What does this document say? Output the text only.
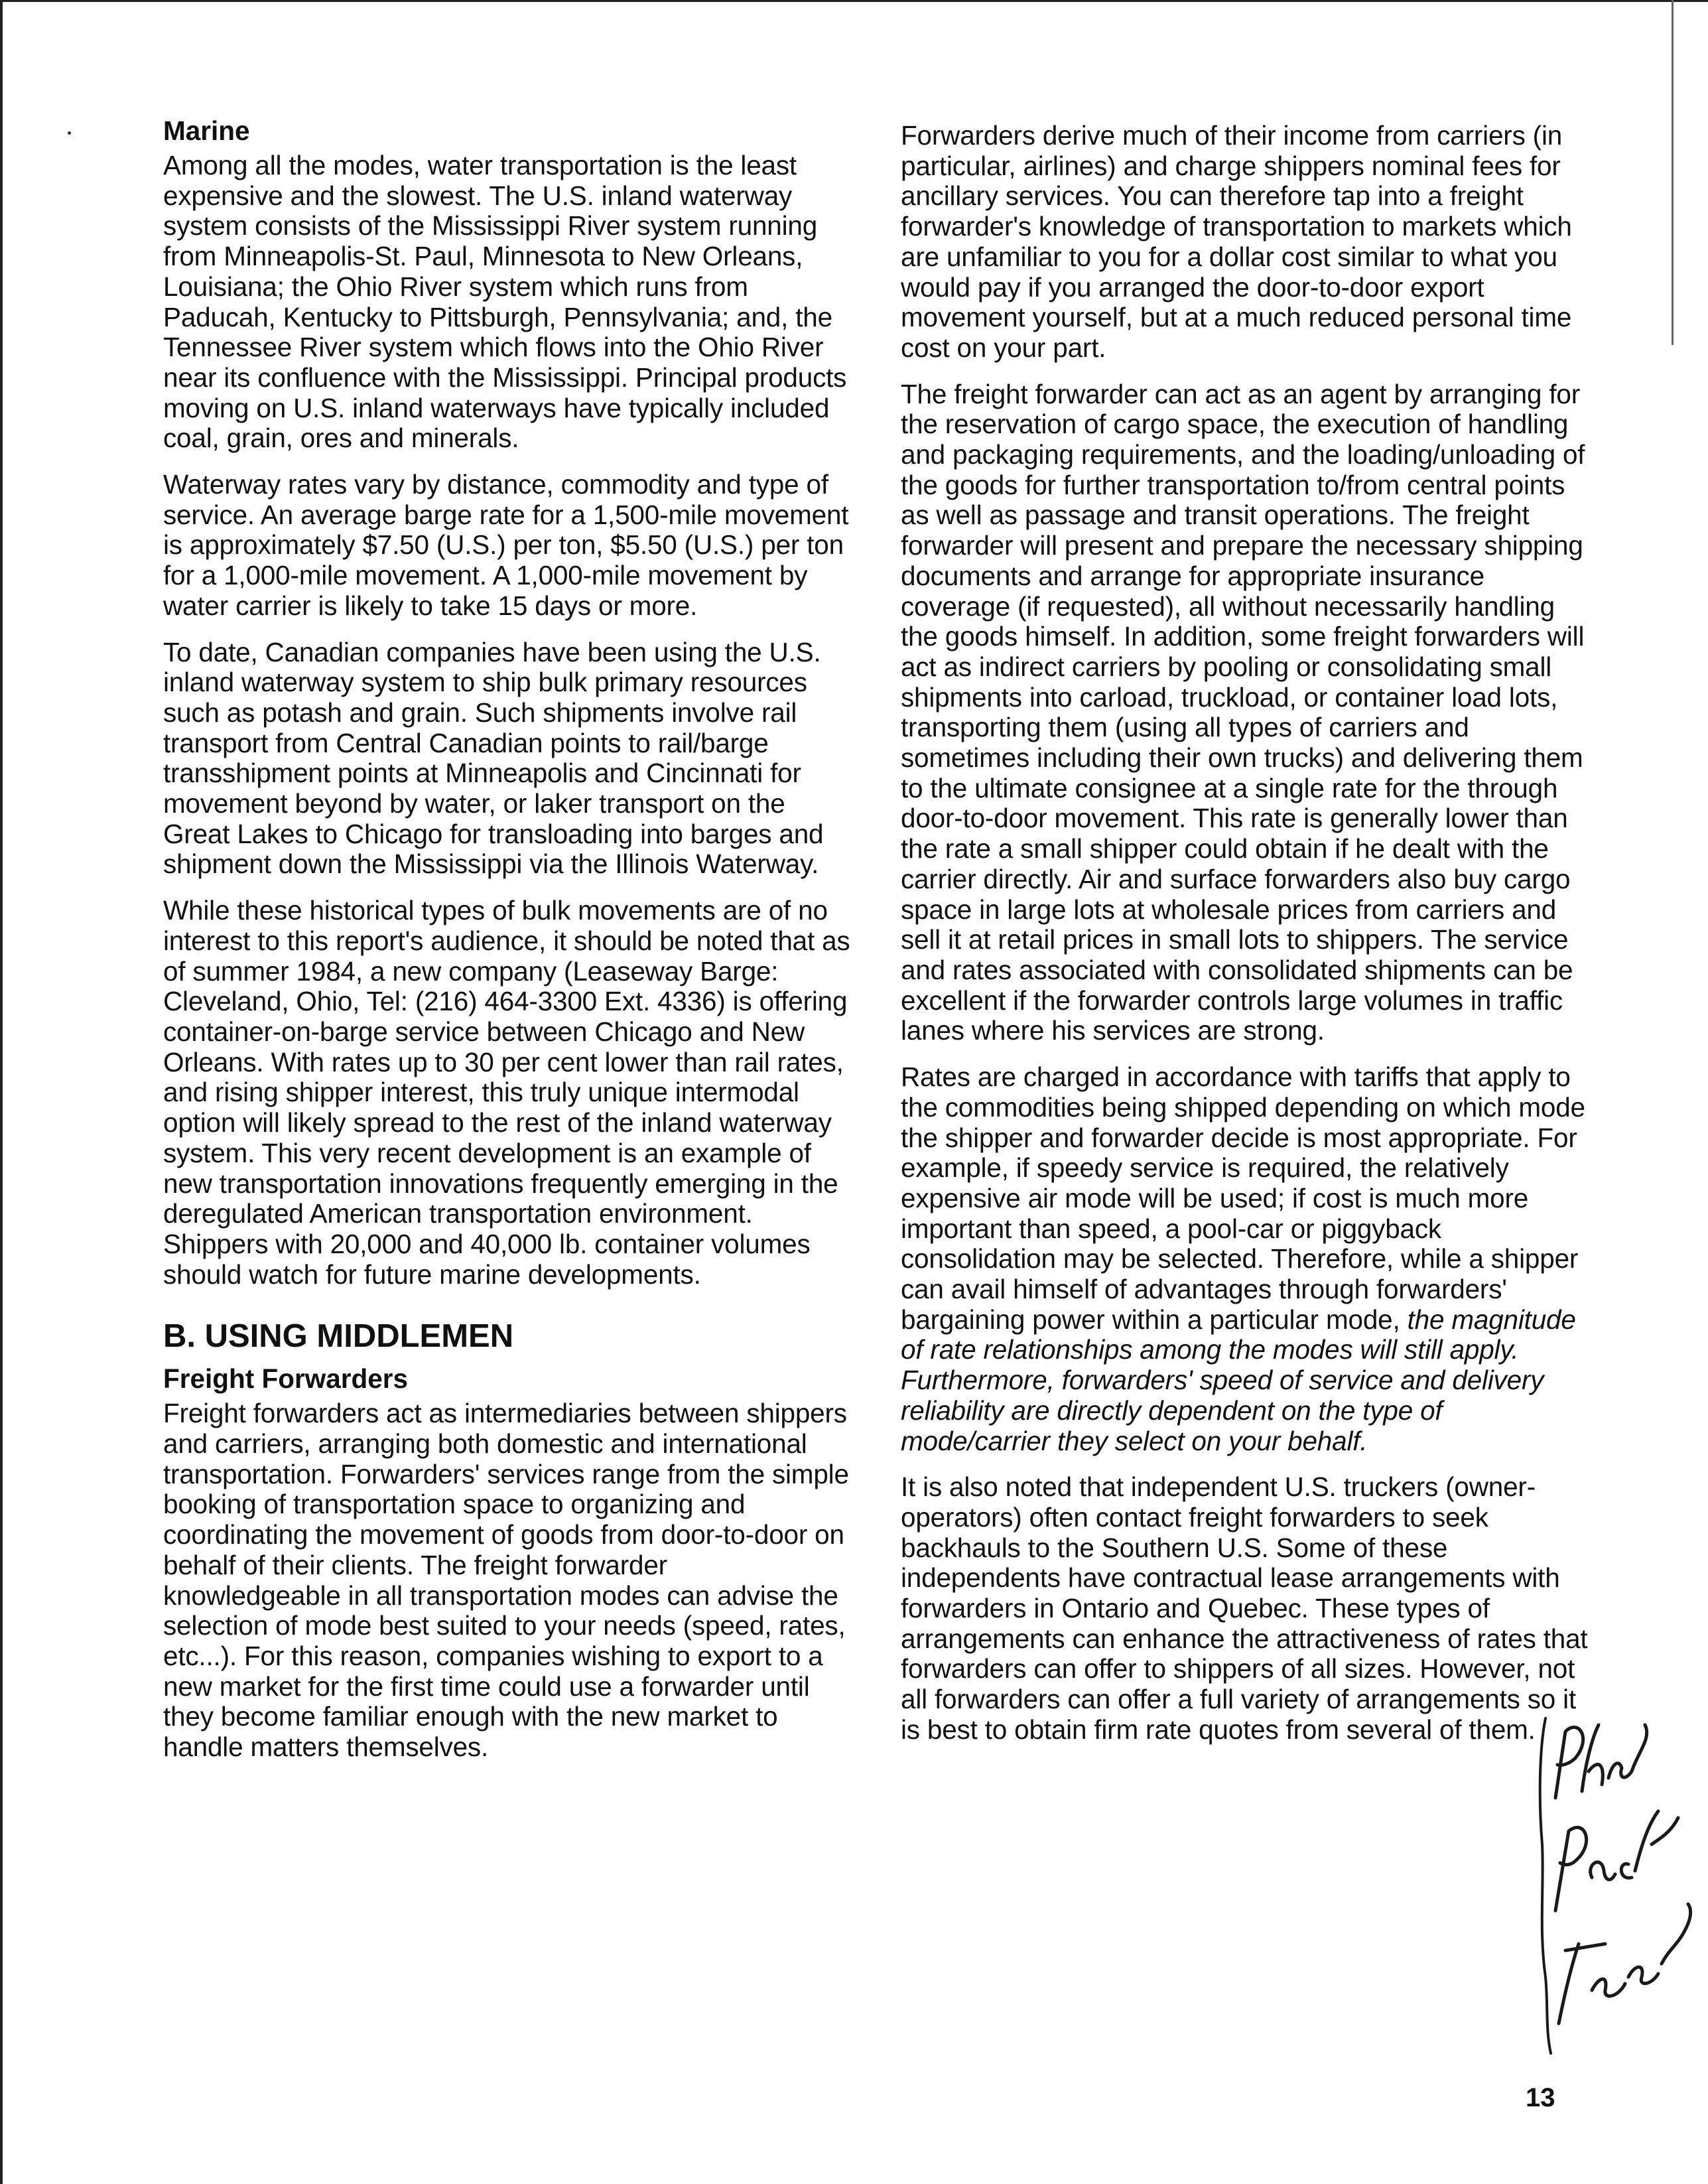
Marine

Among all the modes, water transportation is the least expensive and the slowest. The U.S. inland waterway system consists of the Mississippi River system running from Minneapolis-St. Paul, Minnesota to New Orleans, Louisiana; the Ohio River system which runs from Paducah, Kentucky to Pittsburgh, Pennsylvania; and, the Tennessee River system which flows into the Ohio River near its confluence with the Mississippi. Principal products moving on U.S. inland waterways have typically included coal, grain, ores and minerals.

Waterway rates vary by distance, commodity and type of service. An average barge rate for a 1,500-mile movement is approximately $7.50 (U.S.) per ton, $5.50 (U.S.) per ton for a 1,000-mile movement. A 1,000-mile movement by water carrier is likely to take 15 days or more.

To date, Canadian companies have been using the U.S. inland waterway system to ship bulk primary resources such as potash and grain. Such shipments involve rail transport from Central Canadian points to rail/barge transshipment points at Minneapolis and Cincinnati for movement beyond by water, or laker transport on the Great Lakes to Chicago for transloading into barges and shipment down the Mississippi via the Illinois Waterway.

While these historical types of bulk movements are of no interest to this report's audience, it should be noted that as of summer 1984, a new company (Leaseway Barge: Cleveland, Ohio, Tel: (216) 464-3300 Ext. 4336) is offering container-on-barge service between Chicago and New Orleans. With rates up to 30 per cent lower than rail rates, and rising shipper interest, this truly unique intermodal option will likely spread to the rest of the inland waterway system. This very recent development is an example of new transportation innovations frequently emerging in the deregulated American transportation environment. Shippers with 20,000 and 40,000 lb. container volumes should watch for future marine developments.

B. USING MIDDLEMEN
Freight Forwarders

Freight forwarders act as intermediaries between shippers and carriers, arranging both domestic and international transportation. Forwarders' services range from the simple booking of transportation space to organizing and coordinating the movement of goods from door-to-door on behalf of their clients. The freight forwarder knowledgeable in all transportation modes can advise the selection of mode best suited to your needs (speed, rates, etc...). For this reason, companies wishing to export to a new market for the first time could use a forwarder until they become familiar enough with the new market to handle matters themselves.

Forwarders derive much of their income from carriers (in particular, airlines) and charge shippers nominal fees for ancillary services. You can therefore tap into a freight forwarder's knowledge of transportation to markets which are unfamiliar to you for a dollar cost similar to what you would pay if you arranged the door-to-door export movement yourself, but at a much reduced personal time cost on your part.

The freight forwarder can act as an agent by arranging for the reservation of cargo space, the execution of handling and packaging requirements, and the loading/unloading of the goods for further transportation to/from central points as well as passage and transit operations. The freight forwarder will present and prepare the necessary shipping documents and arrange for appropriate insurance coverage (if requested), all without necessarily handling the goods himself. In addition, some freight forwarders will act as indirect carriers by pooling or consolidating small shipments into carload, truckload, or container load lots, transporting them (using all types of carriers and sometimes including their own trucks) and delivering them to the ultimate consignee at a single rate for the through door-to-door movement. This rate is generally lower than the rate a small shipper could obtain if he dealt with the carrier directly. Air and surface forwarders also buy cargo space in large lots at wholesale prices from carriers and sell it at retail prices in small lots to shippers. The service and rates associated with consolidated shipments can be excellent if the forwarder controls large volumes in traffic lanes where his services are strong.

Rates are charged in accordance with tariffs that apply to the commodities being shipped depending on which mode the shipper and forwarder decide is most appropriate. For example, if speedy service is required, the relatively expensive air mode will be used; if cost is much more important than speed, a pool-car or piggyback consolidation may be selected. Therefore, while a shipper can avail himself of advantages through forwarders' bargaining power within a particular mode, the magnitude of rate relationships among the modes will still apply. Furthermore, forwarders' speed of service and delivery reliability are directly dependent on the type of mode/carrier they select on your behalf.

It is also noted that independent U.S. truckers (owner-operators) often contact freight forwarders to seek backhauls to the Southern U.S. Some of these independents have contractual lease arrangements with forwarders in Ontario and Quebec. These types of arrangements can enhance the attractiveness of rates that forwarders can offer to shippers of all sizes. However, not all forwarders can offer a full variety of arrangements so it is best to obtain firm rate quotes from several of them.

13
